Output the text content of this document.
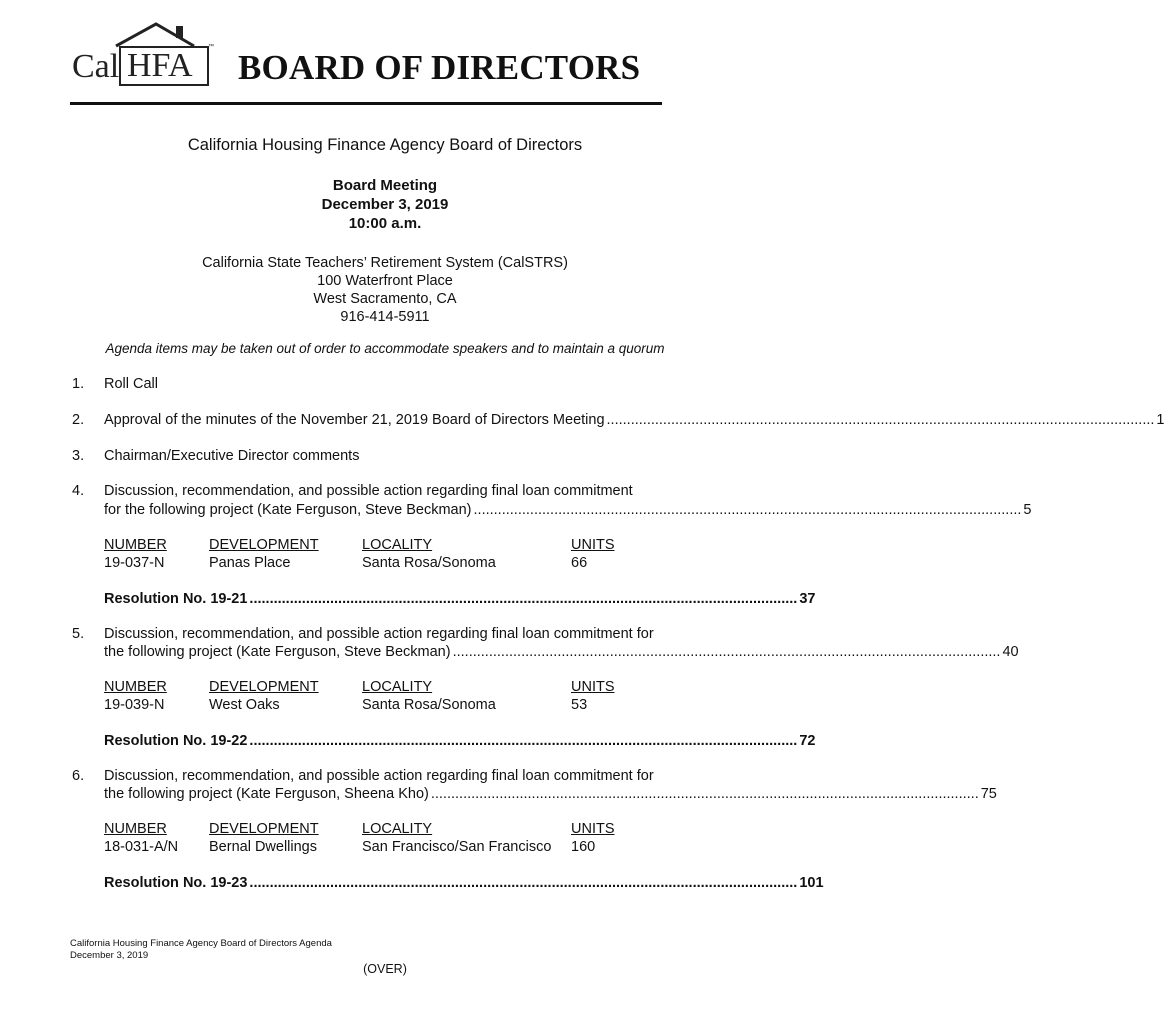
Cal HFA	™
BOARD OF DIRECTORS
California Housing Finance Agency Board of Directors
Board Meeting
December 3, 2019
10:00 a.m.
California State Teachers’ Retirement System (CalSTRS)
100 Waterfront Place
West Sacramento, CA
916-414-5911
Agenda items may be taken out of order to accommodate speakers and to maintain a quorum
1. Roll Call
2. Approval of the minutes of the November 21, 2019 Board of Directors Meeting ........................................................................................................................................ 1
3. Chairman/Executive Director comments
4. Discussion, recommendation, and possible action regarding final loan commitment
for the following project (Kate Ferguson, Steve Beckman) ........................................................................................................................................ 5
NUMBER	DEVELOPMENT	LOCALITY	UNITS
19-037-N	Panas Place	Santa Rosa/Sonoma	66
Resolution No. 19-21 ........................................................................................................................................ 37
5. Discussion, recommendation, and possible action regarding final loan commitment for
the following project (Kate Ferguson, Steve Beckman) ........................................................................................................................................ 40
NUMBER	DEVELOPMENT	LOCALITY	UNITS
19-039-N	West Oaks	Santa Rosa/Sonoma	53
Resolution No. 19-22 ........................................................................................................................................ 72
6. Discussion, recommendation, and possible action regarding final loan commitment for
the following project (Kate Ferguson, Sheena Kho) ........................................................................................................................................ 75
NUMBER	DEVELOPMENT	LOCALITY	UNITS
18-031-A/N Bernal Dwellings	San Francisco/San Francisco 160
Resolution No. 19-23 ........................................................................................................................................ 101
California Housing Finance Agency Board of Directors Agenda
December 3, 2019
(OVER)
